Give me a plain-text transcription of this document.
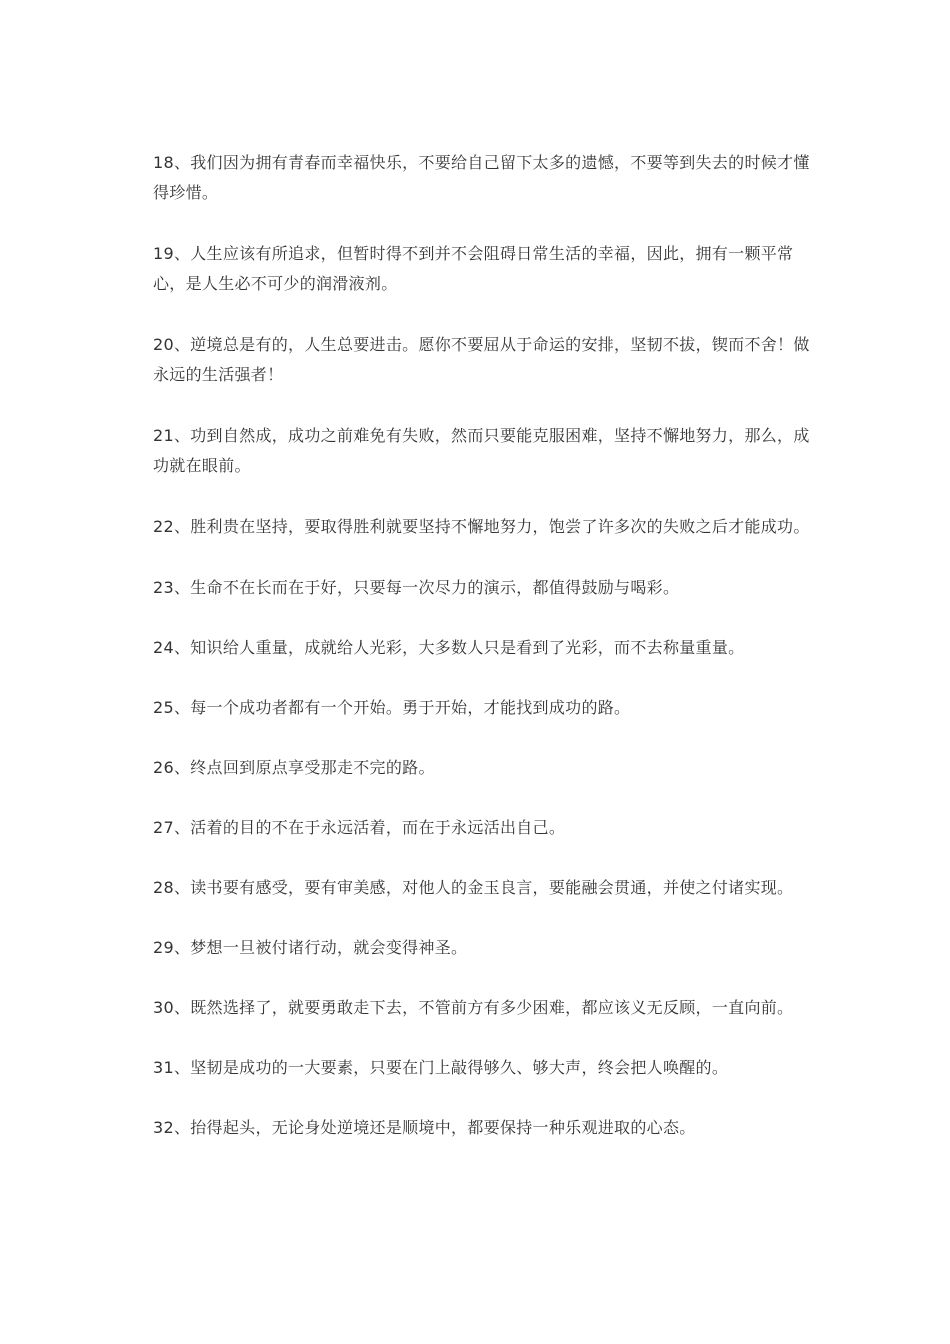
18、我们因为拥有青春而幸福快乐，不要给自己留下太多的遗憾，不要等到失去的时候才懂得珍惜。

19、人生应该有所追求，但暂时得不到并不会阻碍日常生活的幸福，因此，拥有一颗平常心，是人生必不可少的润滑液剂。

20、逆境总是有的，人生总要进击。愿你不要屈从于命运的安排，坚韧不拔，锲而不舍！做永远的生活强者！

21、功到自然成，成功之前难免有失败，然而只要能克服困难，坚持不懈地努力，那么，成功就在眼前。

22、胜利贵在坚持，要取得胜利就要坚持不懈地努力，饱尝了许多次的失败之后才能成功。

23、生命不在长而在于好，只要每一次尽力的演示，都值得鼓励与喝彩。

24、知识给人重量，成就给人光彩，大多数人只是看到了光彩，而不去称量重量。

25、每一个成功者都有一个开始。勇于开始，才能找到成功的路。

26、终点回到原点享受那走不完的路。

27、活着的目的不在于永远活着，而在于永远活出自己。

28、读书要有感受，要有审美感，对他人的金玉良言，要能融会贯通，并使之付诸实现。

29、梦想一旦被付诸行动，就会变得神圣。

30、既然选择了，就要勇敢走下去，不管前方有多少困难，都应该义无反顾，一直向前。

31、坚韧是成功的一大要素，只要在门上敲得够久、够大声，终会把人唤醒的。

32、抬得起头，无论身处逆境还是顺境中，都要保持一种乐观进取的心态。
